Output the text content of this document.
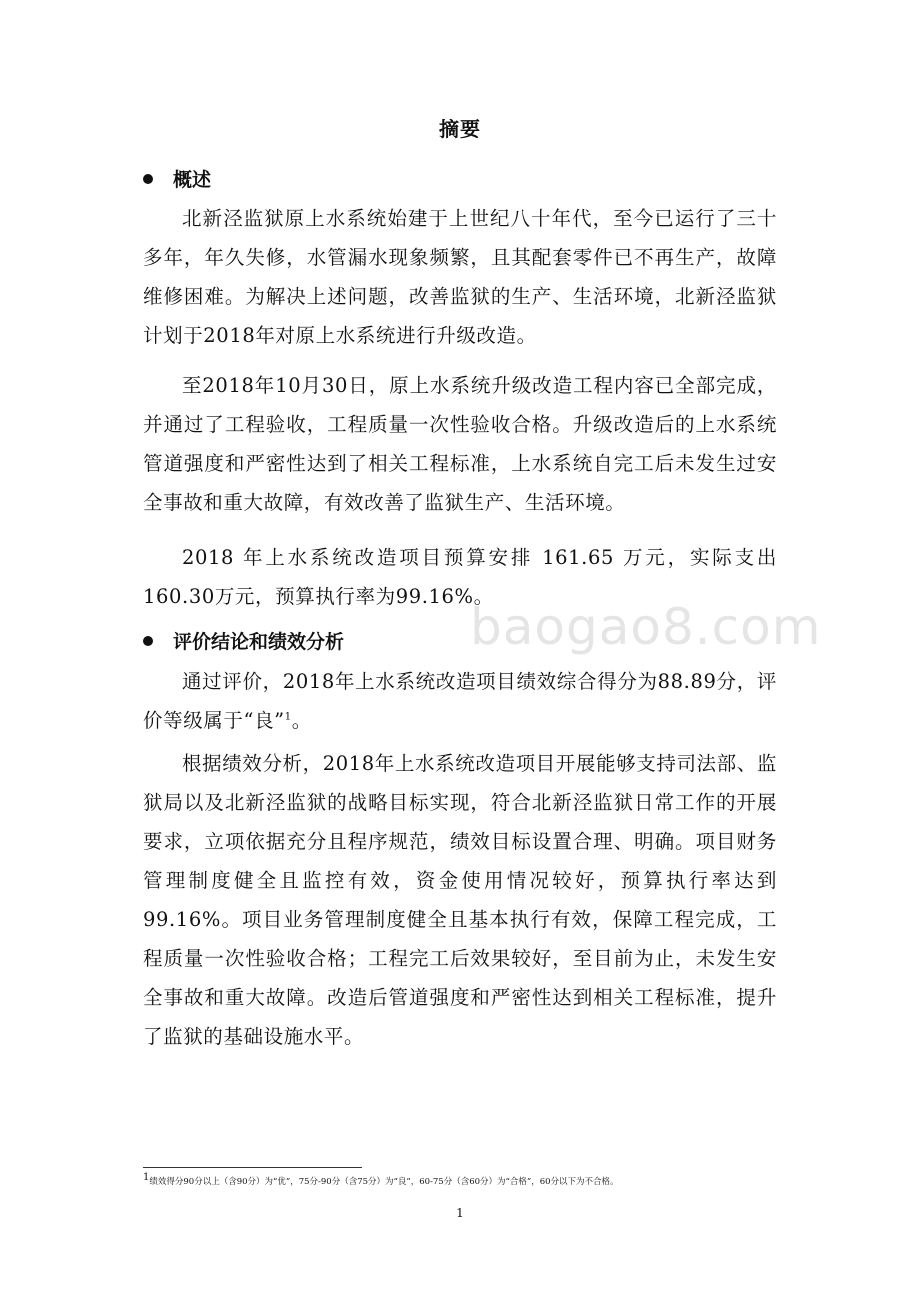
摘要
概述

北新泾监狱原上水系统始建于上世纪八十年代，至今已运行了三十多年，年久失修，水管漏水现象频繁，且其配套零件已不再生产，故障维修困难。为解决上述问题，改善监狱的生产、生活环境，北新泾监狱计划于2018年对原上水系统进行升级改造。

至2018年10月30日，原上水系统升级改造工程内容已全部完成，并通过了工程验收，工程质量一次性验收合格。升级改造后的上水系统管道强度和严密性达到了相关工程标准，上水系统自完工后未发生过安全事故和重大故障，有效改善了监狱生产、生活环境。

2018 年上水系统改造项目预算安排 161.65 万元，实际支出160.30万元，预算执行率为99.16%。

评价结论和绩效分析

通过评价，2018年上水系统改造项目绩效综合得分为88.89分，评价等级属于“良”$^1$。

根据绩效分析，2018年上水系统改造项目开展能够支持司法部、监狱局以及北新泾监狱的战略目标实现，符合北新泾监狱日常工作的开展要求，立项依据充分且程序规范，绩效目标设置合理、明确。项目财务管理制度健全且监控有效，资金使用情况较好，预算执行率达到99.16%。项目业务管理制度健全且基本执行有效，保障工程完成，工程质量一次性验收合格；工程完工后效果较好，至目前为止，未发生安全事故和重大故障。改造后管道强度和严密性达到相关工程标准，提升了监狱的基础设施水平。

baogao8.com
1绩效得分90分以上（含90分）为“优”，75分-90分（含75分）为“良”，60-75分（含60分）为“合格”，60分以下为不合格。
1
